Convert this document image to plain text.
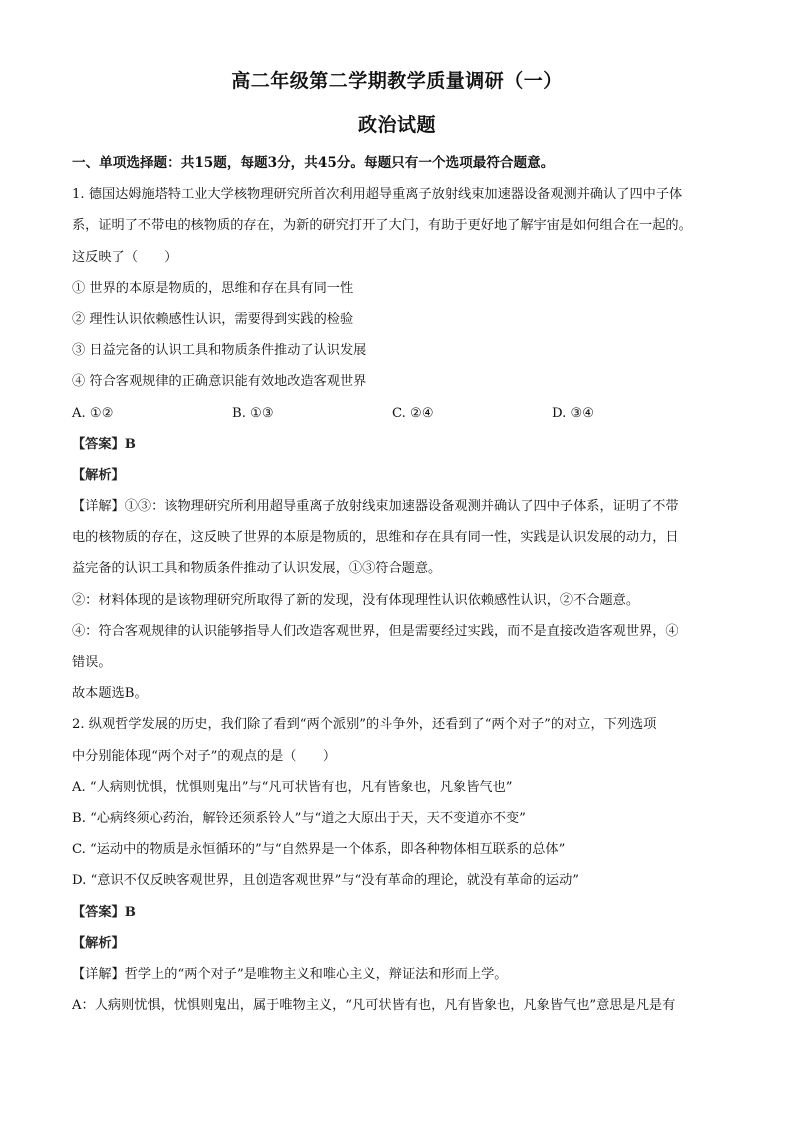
高二年级第二学期教学质量调研（一）
政治试题
一、单项选择题：共15题，每题3分，共45分。每题只有一个选项最符合题意。
1. 德国达姆施塔特工业大学核物理研究所首次利用超导重离子放射线束加速器设备观测并确认了四中子体
系，证明了不带电的核物质的存在，为新的研究打开了大门，有助于更好地了解宇宙是如何组合在一起的。
这反映了（　　）
① 世界的本原是物质的，思维和存在具有同一性
② 理性认识依赖感性认识，需要得到实践的检验
③ 日益完备的认识工具和物质条件推动了认识发展
④ 符合客观规律的正确意识能有效地改造客观世界
A. ①②	B. ①③	C. ②④	D. ③④
【答案】B
【解析】
【详解】①③：该物理研究所利用超导重离子放射线束加速器设备观测并确认了四中子体系，证明了不带
电的核物质的存在，这反映了世界的本原是物质的，思维和存在具有同一性，实践是认识发展的动力，日
益完备的认识工具和物质条件推动了认识发展，①③符合题意。
②：材料体现的是该物理研究所取得了新的发现，没有体现理性认识依赖感性认识，②不合题意。
④：符合客观规律的认识能够指导人们改造客观世界，但是需要经过实践，而不是直接改造客观世界，④
错误。
故本题选B。
2. 纵观哲学发展的历史，我们除了看到“两个派别”的斗争外，还看到了“两个对子”的对立，下列选项
中分别能体现“两个对子”的观点的是（　　）
A. “人病则忧惧，忧惧则鬼出”与“凡可状皆有也，凡有皆象也，凡象皆气也”
B. “心病终须心药治，解铃还须系铃人”与“道之大原出于天，天不变道亦不变”
C. “运动中的物质是永恒循环的”与“自然界是一个体系，即各种物体相互联系的总体”
D. “意识不仅反映客观世界，且创造客观世界”与“没有革命的理论，就没有革命的运动”
【答案】B
【解析】
【详解】哲学上的“两个对子”是唯物主义和唯心主义，辩证法和形而上学。
A：人病则忧惧，忧惧则鬼出，属于唯物主义，“凡可状皆有也，凡有皆象也，凡象皆气也”意思是凡是有
